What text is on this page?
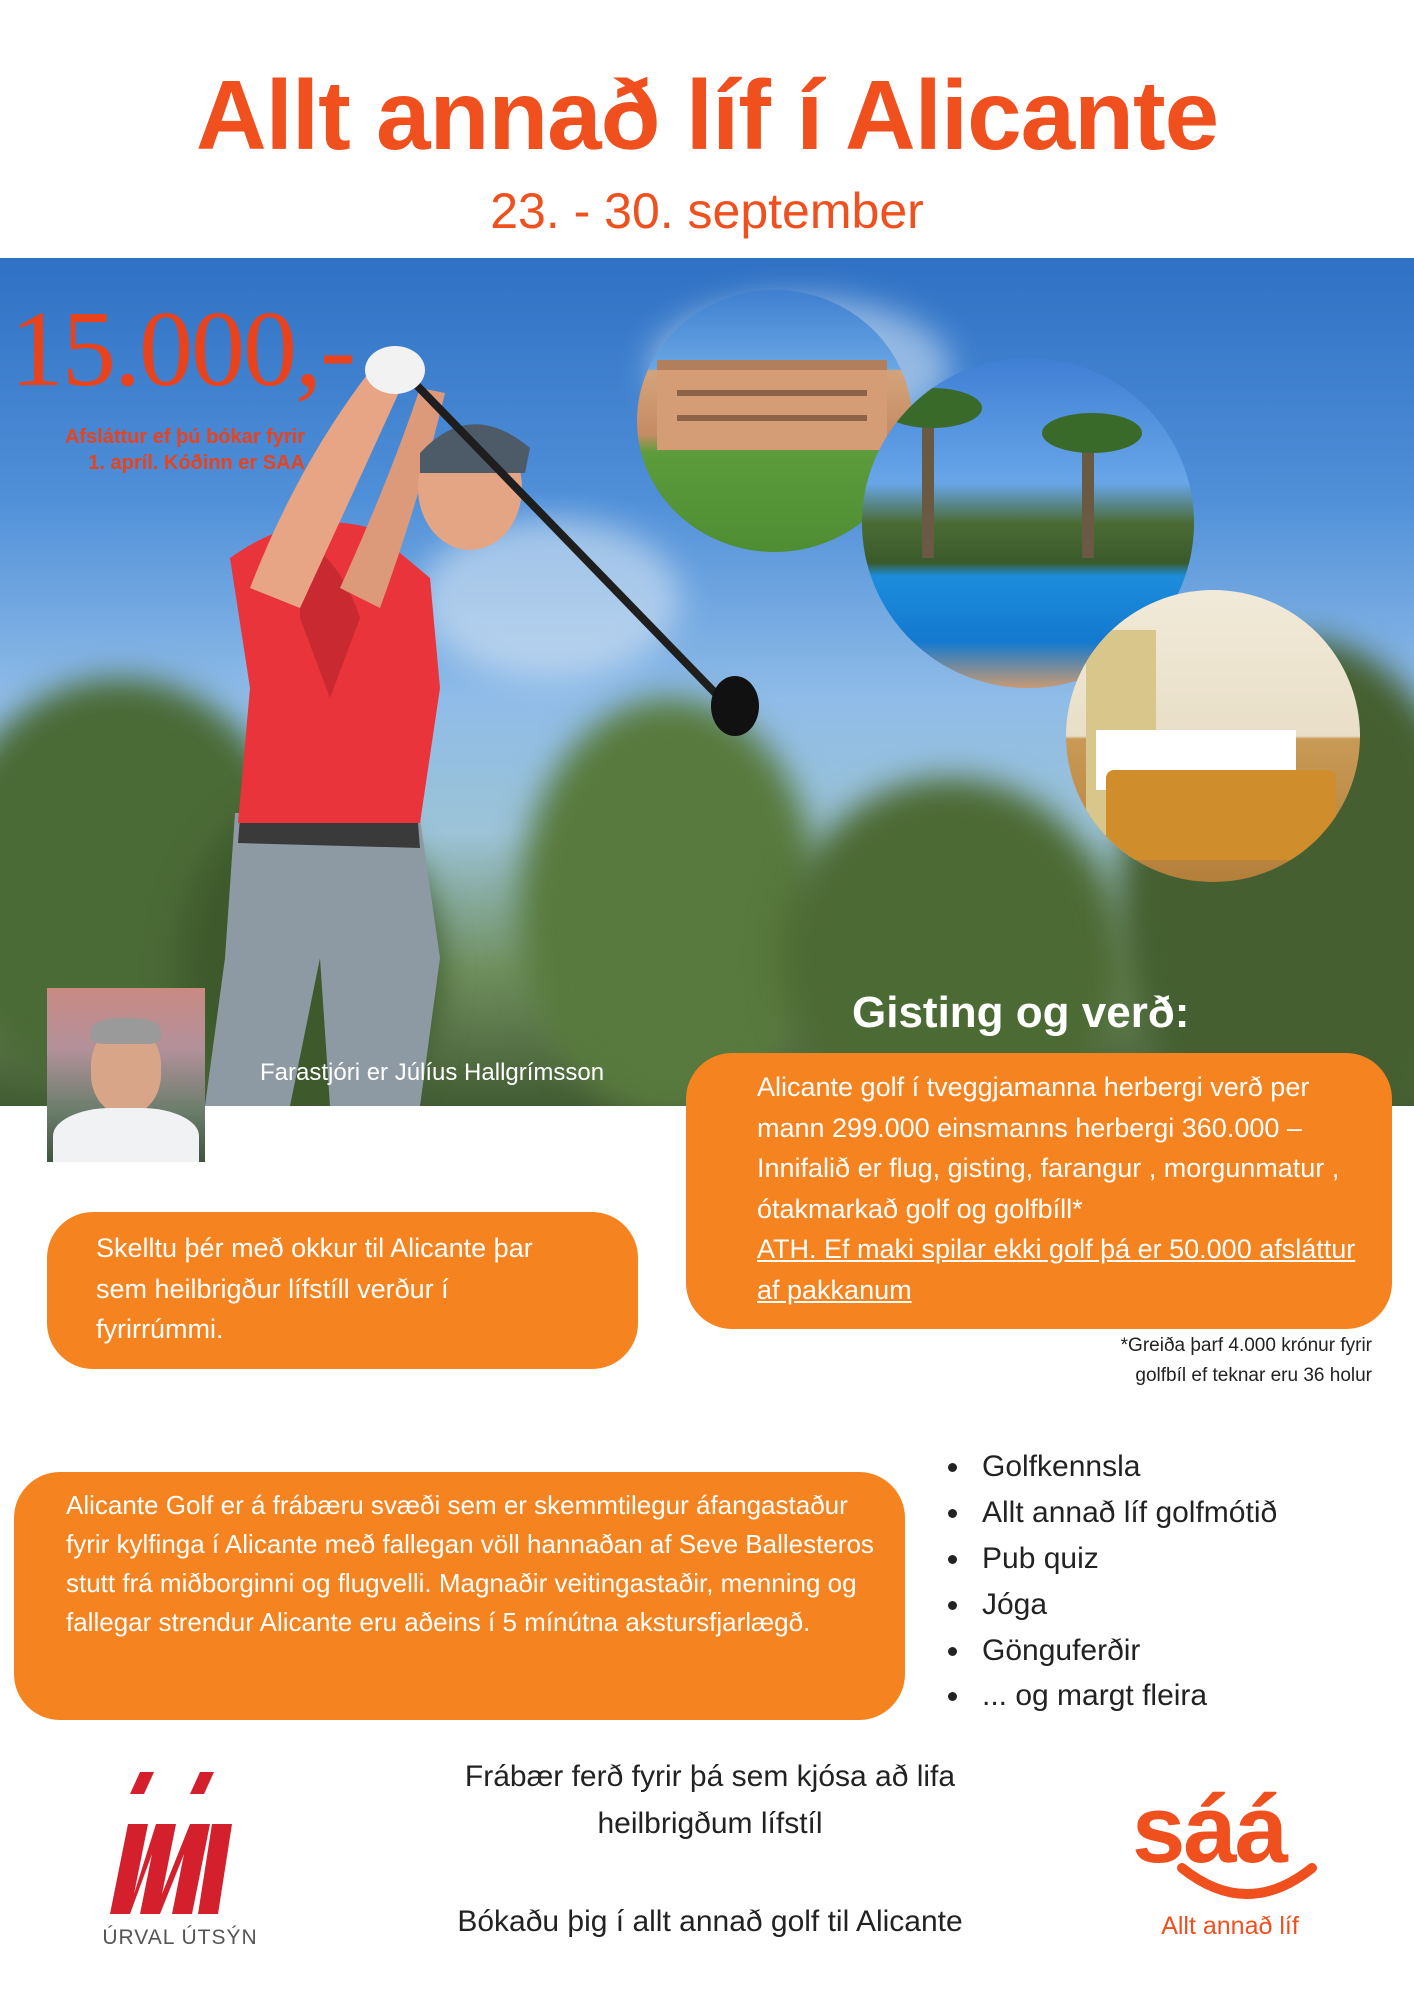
Allt annað líf í Alicante
23. - 30. september
15.000,-
Afsláttur ef þú bókar fyrir
1. apríl. Kóðinn er SAA
Farastjóri er Júlíus Hallgrímsson

Skelltu þér með okkur til Alicante þar sem heilbrigður lífstíll verður í fyrirrúmmi.

Gisting og verð:

Alicante golf í tveggjamanna herbergi verð per mann 299.000 einsmanns herbergi 360.000 – Innifalið er flug, gisting, farangur , morgunmatur , ótakmarkað golf og golfbíll*
ATH. Ef maki spilar ekki golf þá er 50.000 afsláttur af pakkanum

*Greiða þarf 4.000 krónur fyrir
golfbíl ef teknar eru 36 holur

Alicante Golf er á frábæru svæði sem er skemmtilegur áfangastaður fyrir kylfinga í Alicante með fallegan völl hannaðan af Seve Ballesteros stutt frá miðborginni og flugvelli. Magnaðir veitingastaðir, menning og fallegar strendur Alicante eru aðeins í 5 mínútna akstursfjarlægð.

• Golfkennsla
• Allt annað líf golfmótið
• Pub quiz
• Jóga
• Gönguferðir
• ... og margt fleira
Frábær ferð fyrir þá sem kjósa að lifa
heilbrigðum lífstíl
Bókaðu þig í allt annað golf til Alicante
ÚRVAL ÚTSÝN
sáá
Allt annað líf
